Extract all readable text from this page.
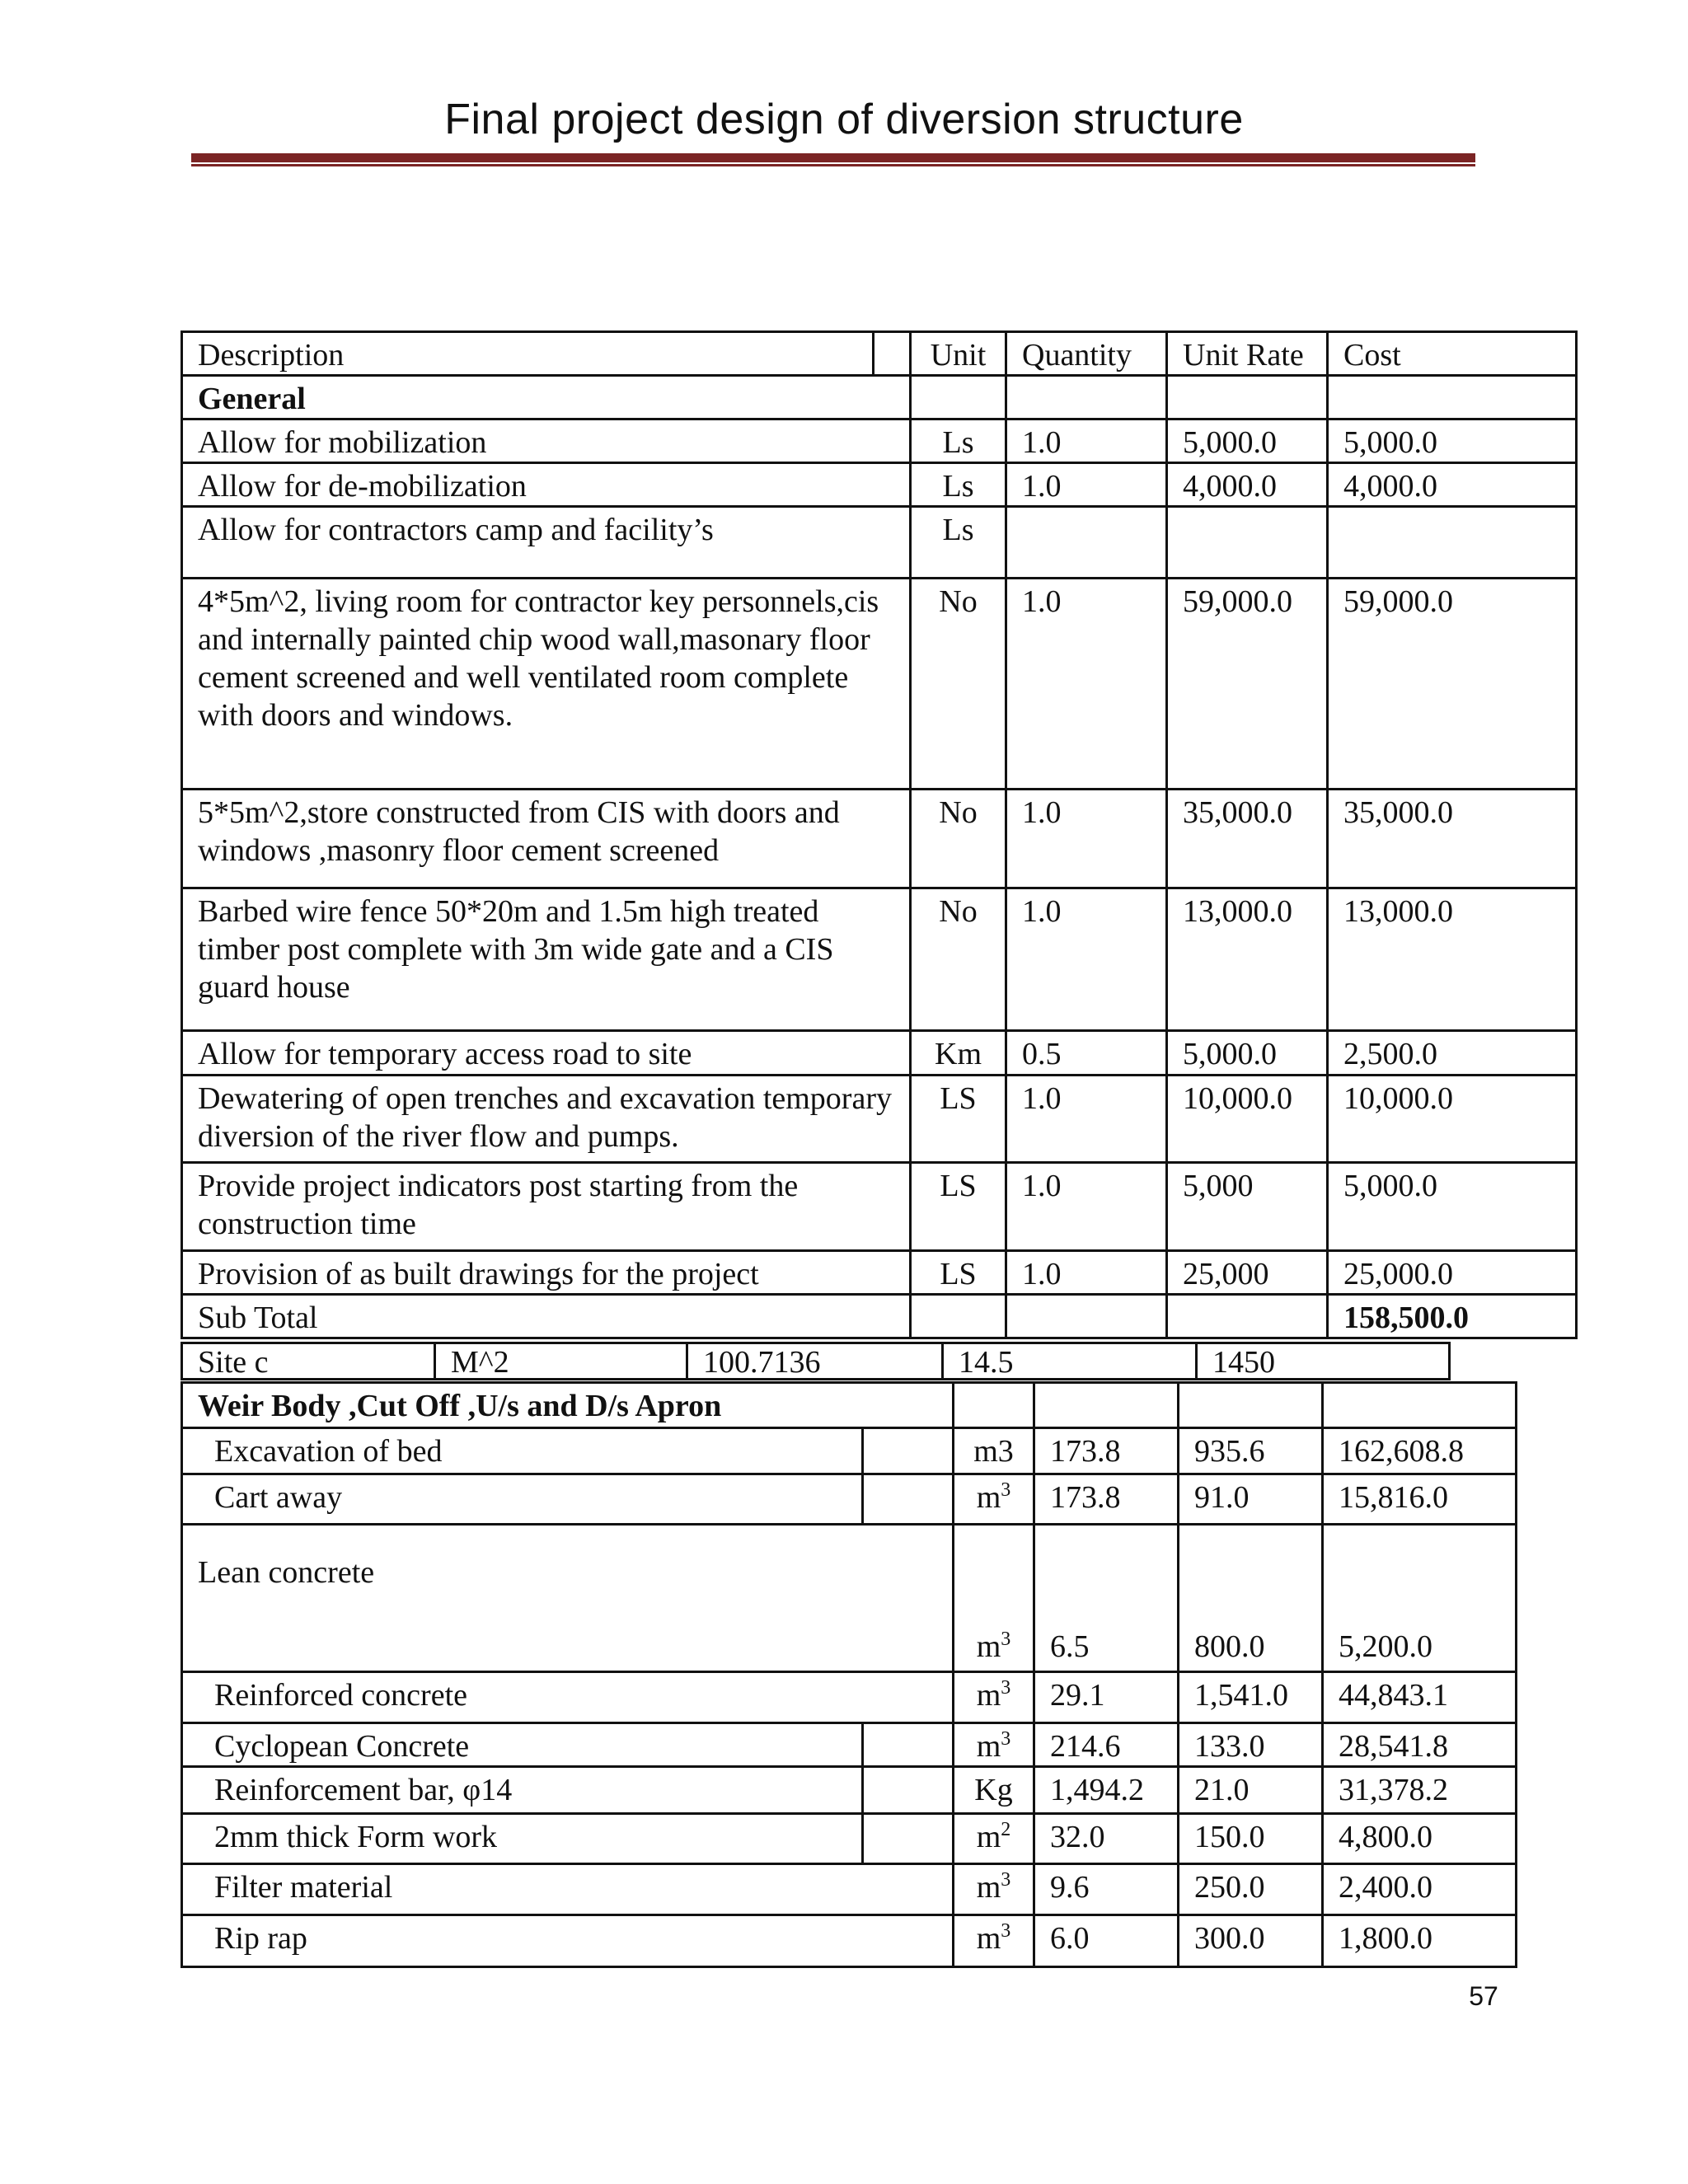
Final project design of diversion structure
Description		Unit	Quantity	Unit Rate	Cost
General					
Allow for mobilization		Ls	1.0	5,000.0	5,000.0
Allow for de-mobilization		Ls	1.0	4,000.0	4,000.0
Allow for contractors camp and facility’s		Ls			
4*5m^2, living room for contractor key personnels,cis and internally painted chip wood wall,masonary floor cement screened and well ventilated room complete with doors and windows.		No	1.0	59,000.0	59,000.0
5*5m^2,store constructed from CIS with doors and windows ,masonry floor cement screened		No	1.0	35,000.0	35,000.0
Barbed wire fence 50*20m and 1.5m high treated timber post complete with 3m wide gate and a CIS guard house		No	1.0	13,000.0	13,000.0
Allow for temporary access road to site		Km	0.5	5,000.0	2,500.0
Dewatering of open trenches and excavation temporary diversion of the river flow and pumps.		LS	1.0	10,000.0	10,000.0
Provide project indicators post starting from the construction time		LS	1.0	5,000	5,000.0
Provision of as built drawings for the project		LS	1.0	25,000	25,000.0
Sub Total					158,500.0
Site c	M^2	100.7136	14.5	1450
Weir Body ,Cut Off ,U/s and D/s Apron					
Excavation of bed		m3	173.8	935.6	162,608.8
Cart away		$m^3$	173.8	91.0	15,816.0
Lean concrete		$m^3$	6.5	800.0	5,200.0
Reinforced concrete		$m^3$	29.1	1,541.0	44,843.1
Cyclopean Concrete		$m^3$	214.6	133.0	28,541.8
Reinforcement bar, φ14		Kg	1,494.2	21.0	31,378.2
2mm thick Form work		$m^2$	32.0	150.0	4,800.0
Filter material		$m^3$	9.6	250.0	2,400.0
Rip rap		$m^3$	6.0	300.0	1,800.0
57
